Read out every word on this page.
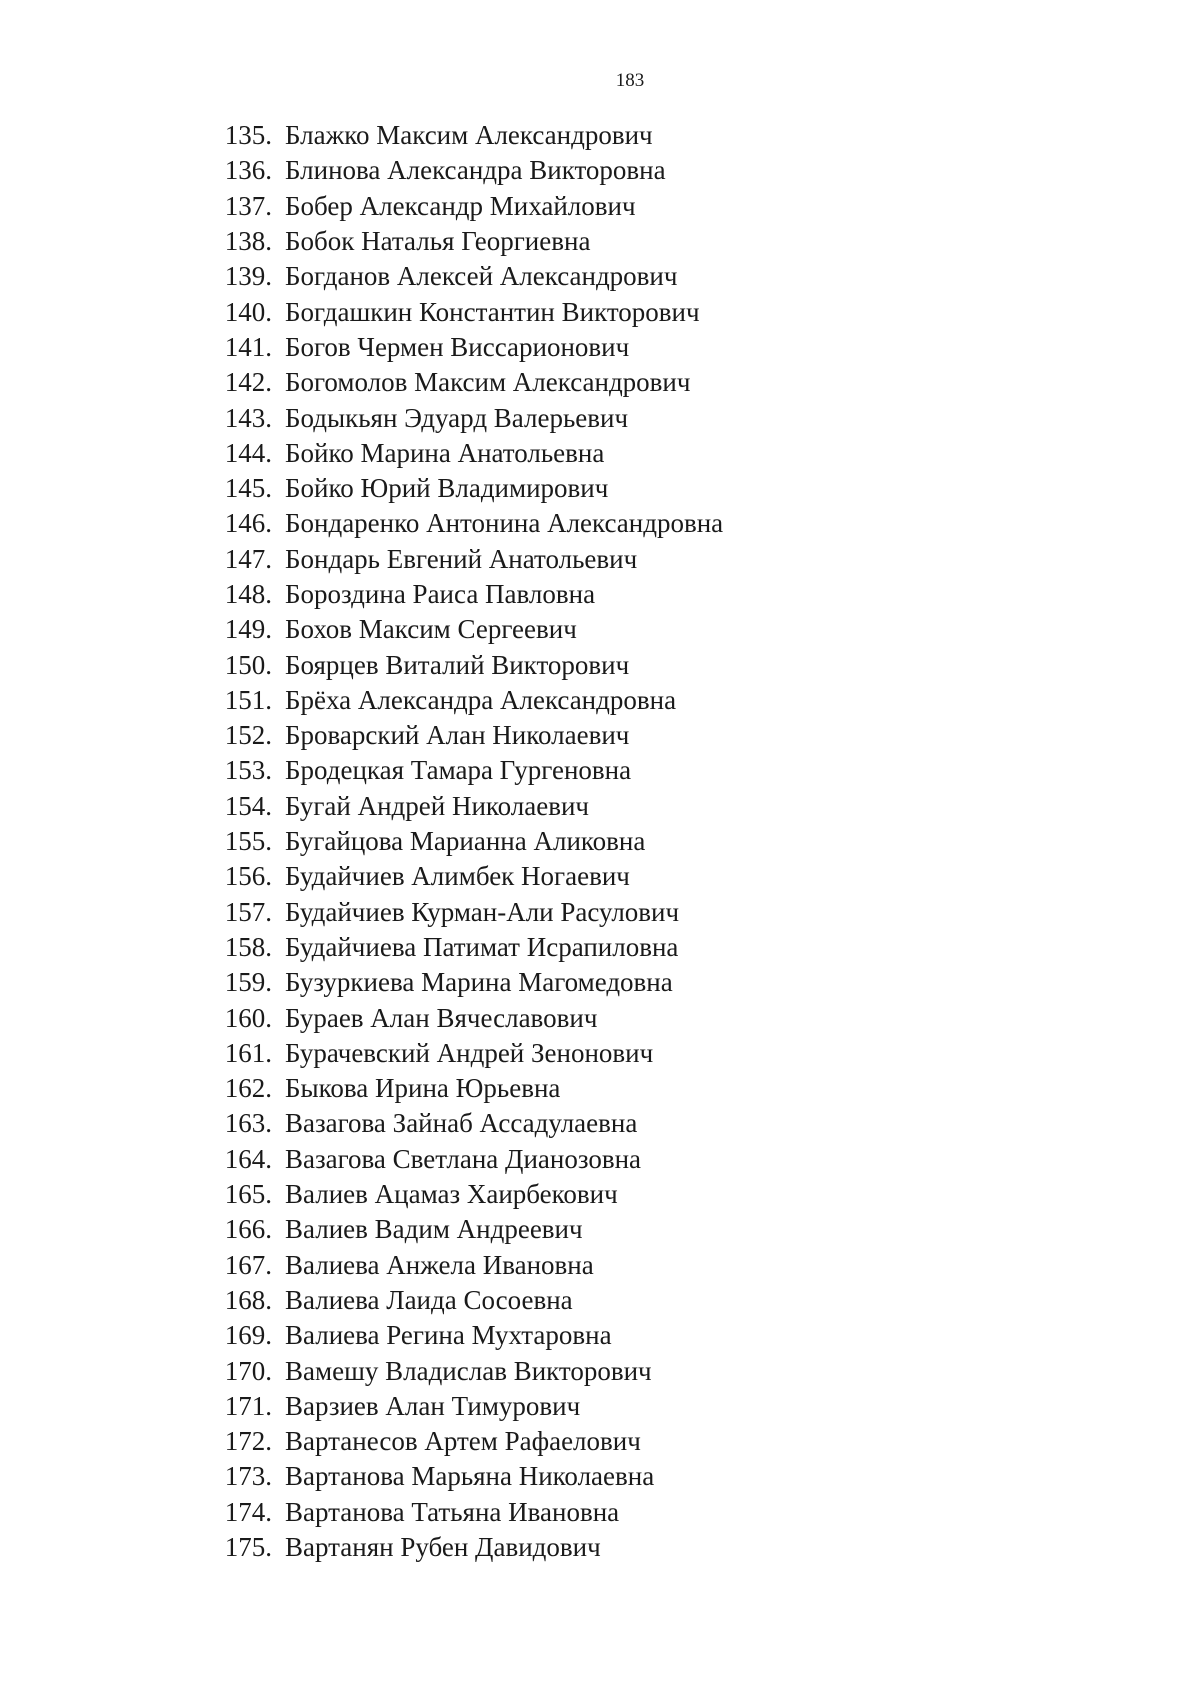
183
135. Блажко Максим Александрович
136. Блинова Александра Викторовна
137. Бобер Александр Михайлович
138. Бобок Наталья Георгиевна
139. Богданов Алексей Александрович
140. Богдашкин Константин Викторович
141. Богов Чермен Виссарионович
142. Богомолов Максим Александрович
143. Бодыкьян Эдуард Валерьевич
144. Бойко Марина Анатольевна
145. Бойко Юрий Владимирович
146. Бондаренко Антонина Александровна
147. Бондарь Евгений Анатольевич
148. Бороздина Раиса Павловна
149. Бохов Максим Сергеевич
150. Боярцев Виталий Викторович
151. Брёха Александра Александровна
152. Броварский Алан Николаевич
153. Бродецкая Тамара Гургеновна
154. Бугай Андрей Николаевич
155. Бугайцова Марианна Аликовна
156. Будайчиев Алимбек Ногаевич
157. Будайчиев Курман-Али Расулович
158. Будайчиева Патимат Исрапиловна
159. Бузуркиева Марина Магомедовна
160. Бураев Алан Вячеславович
161. Бурачевский Андрей Зенонович
162. Быкова Ирина Юрьевна
163. Вазагова Зайнаб Ассадулаевна
164. Вазагова Светлана Дианозовна
165. Валиев Ацамаз Хаирбекович
166. Валиев Вадим Андреевич
167. Валиева Анжела Ивановна
168. Валиева Лаида Сосоевна
169. Валиева Регина Мухтаровна
170. Вамешу Владислав Викторович
171. Варзиев Алан Тимурович
172. Вартанесов Артем Рафаелович
173. Вартанова Марьяна Николаевна
174. Вартанова Татьяна Ивановна
175. Вартанян Рубен Давидович
